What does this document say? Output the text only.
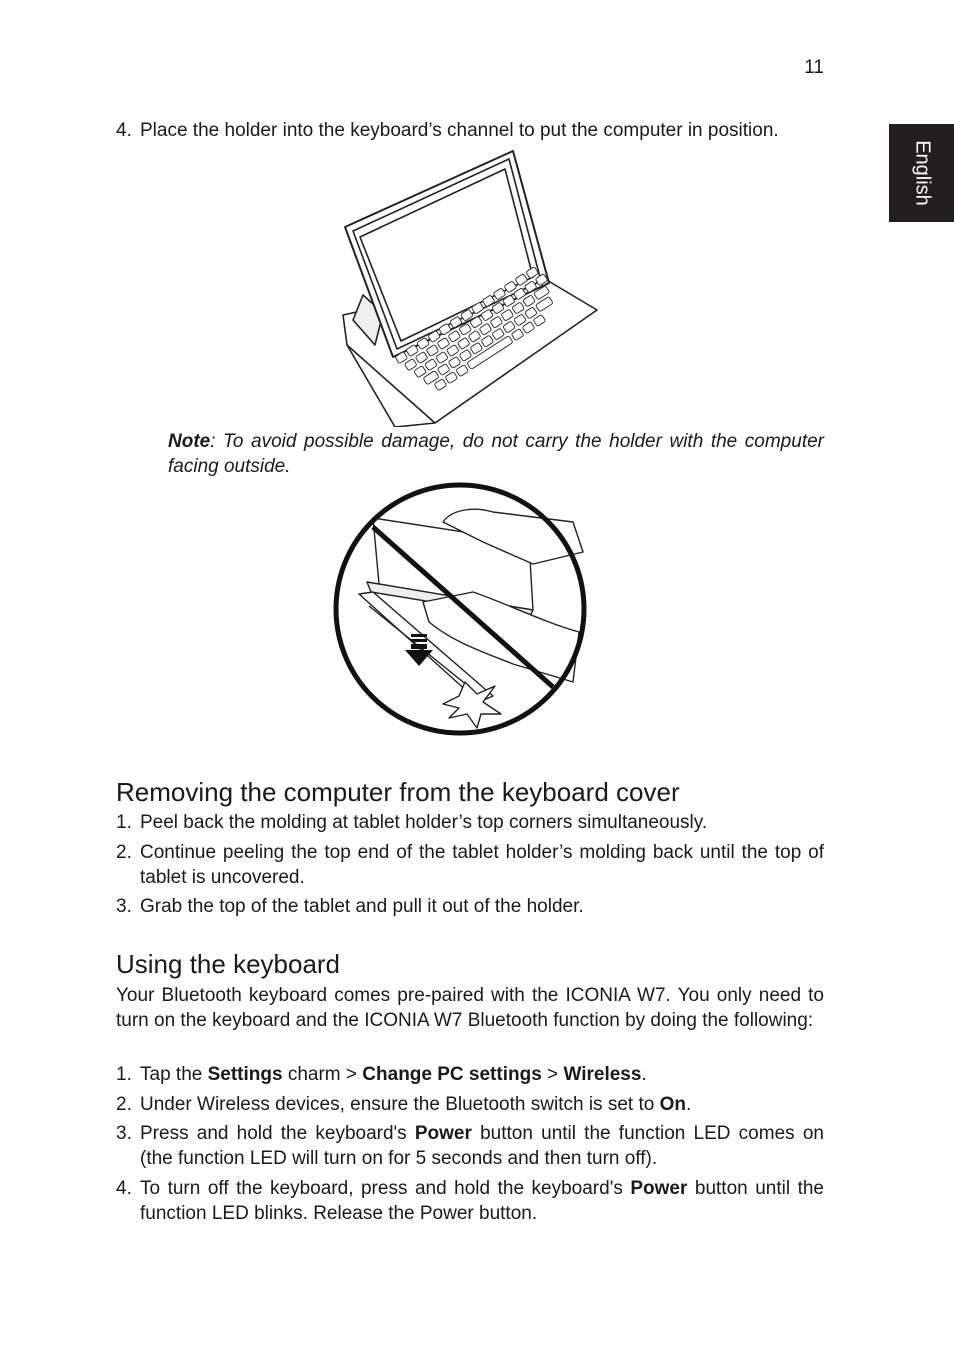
11
English
4. Place the holder into the keyboard’s channel to put the computer in position.
Note: To avoid possible damage, do not carry the holder with the computer facing outside.
Removing the computer from the keyboard cover
1. Peel back the molding at tablet holder’s top corners simultaneously.
2. Continue peeling the top end of the tablet holder’s molding back until the top of tablet is uncovered.
3. Grab the top of the tablet and pull it out of the holder.
Using the keyboard
Your Bluetooth keyboard comes pre-paired with the ICONIA W7. You only need to turn on the keyboard and the ICONIA W7 Bluetooth function by doing the following:
1. Tap the Settings charm > Change PC settings > Wireless.
2. Under Wireless devices, ensure the Bluetooth switch is set to On.
3. Press and hold the keyboard's Power button until the function LED comes on (the function LED will turn on for 5 seconds and then turn off).
4. To turn off the keyboard, press and hold the keyboard's Power button until the function LED blinks. Release the Power button.
